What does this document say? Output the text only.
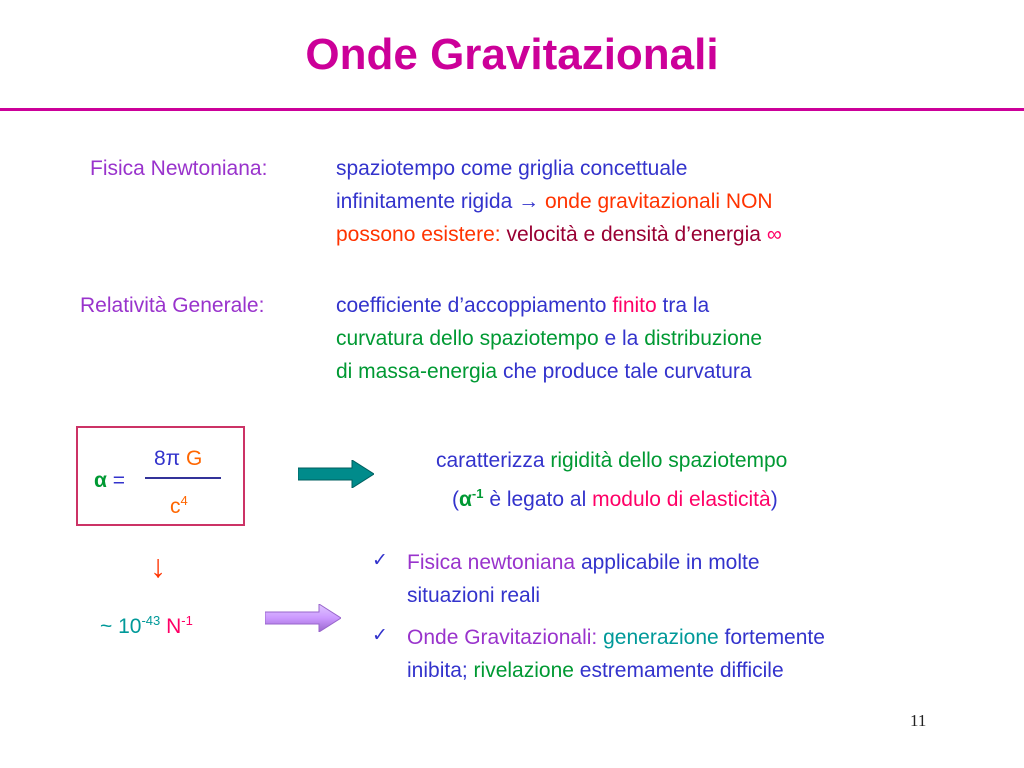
Onde Gravitazionali
Fisica Newtoniana:	spaziotempo come griglia concettuale
infinitamente rigida → onde gravitazionali NON
possono esistere: velocità e densità d’energia ∞
Relatività Generale:	coefficiente d’accoppiamento finito tra la
curvatura dello spaziotempo e la distribuzione
di massa-energia che produce tale curvatura
α =
8π G
$c^4$
caratterizza rigidità dello spaziotempo
($\alpha^{-1}$ è legato al modulo di elasticità)
↓
~ $10^{-43}$ $N^{-1}$
✓ Fisica newtoniana applicabile in molte
situazioni reali
✓ Onde Gravitazionali: generazione fortemente
inibita; rivelazione estremamente difficile
11
